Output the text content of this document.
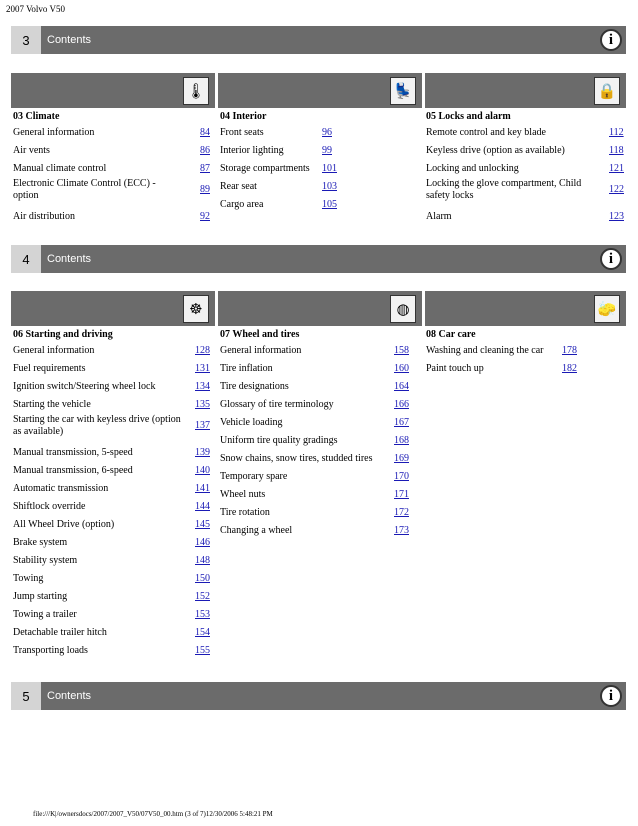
2007 Volvo V50
3	Contents	i
🌡	💺	🔒
03 Climate
General information	84
Air vents	86
Manual climate control	87
Electronic Climate Control (ECC) - option
89
Air distribution	92
04 Interior
Front seats	96
Interior lighting	99
Storage compartments 101
Rear seat	103
Cargo area	105
05 Locks and alarm
Remote control and key blade	112
Keyless drive (option as available)	118
Locking and unlocking	121
Locking the glove compartment, Child safety locks
122
Alarm	123
4	Contents	i
☸	◍	🧽
06 Starting and driving
General information	128
Fuel requirements	131
Ignition switch/Steering wheel lock	134
Starting the vehicle	135
Starting the car with keyless drive (option as available)
137
Manual transmission, 5-speed	139
Manual transmission, 6-speed	140
Automatic transmission	141
Shiftlock override	144
All Wheel Drive (option)	145
Brake system	146
Stability system	148
Towing	150
Jump starting	152
Towing a trailer	153
Detachable trailer hitch	154
Transporting loads	155
07 Wheel and tires
General information	158
Tire inflation	160
Tire designations	164
Glossary of tire terminology	166
Vehicle loading	167
Uniform tire quality gradings	168
Snow chains, snow tires, studded tires 169
Temporary spare	170
Wheel nuts	171
Tire rotation	172
Changing a wheel	173
08 Car care
Washing and cleaning the car 178
Paint touch up	182
5	Contents	i
file:///K|/ownersdocs/2007/2007_V50/07V50_00.htm (3 of 7)12/30/2006 5:48:21 PM
